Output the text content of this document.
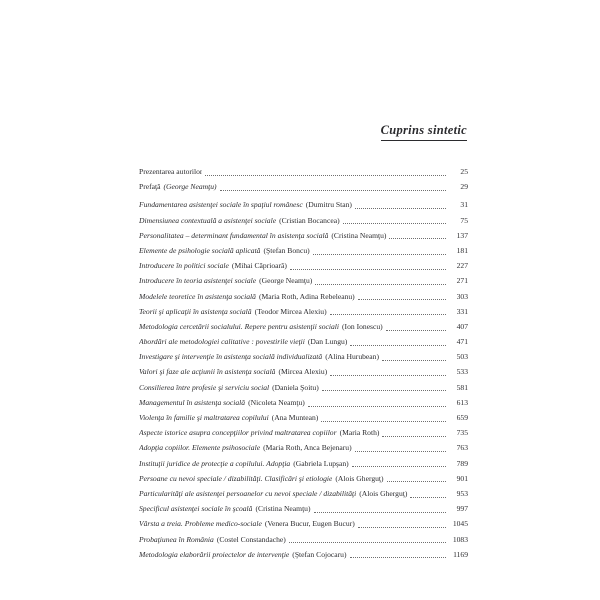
Cuprins sintetic
Prezentarea autorilor	25
Prefaţă (George Neamţu)	29
Fundamentarea asistenţei sociale în spaţiul românesc (Dumitru Stan)	31
Dimensiunea contextuală a asistenţei sociale (Cristian Bocancea)	75
Personalitatea – determinant fundamental în asistenţa socială (Cristina Neamţu)	137
Elemente de psihologie socială aplicată (Ştefan Boncu)	181
Introducere în politici sociale (Mihai Căprioară)	227
Introducere în teoria asistenţei sociale (George Neamţu)	271
Modelele teoretice în asistenţa socială (Maria Roth, Adina Rebeleanu)	303
Teorii şi aplicaţii în asistenţa socială (Teodor Mircea Alexiu)	331
Metodologia cercetării socialului. Repere pentru asistenţii sociali (Ion Ionescu)	407
Abordări ale metodologiei calitative : povestirile vieţii (Dan Lungu)	471
Investigare şi intervenţie în asistenţa socială individualizată (Alina Hurubean)	503
Valori şi faze ale acţiunii în asistenţa socială (Mircea Alexiu)	533
Consilierea între profesie şi serviciu social (Daniela Şoitu)	581
Managementul în asistenţa socială (Nicoleta Neamţu)	613
Violenţa în familie şi maltratarea copilului (Ana Muntean)	659
Aspecte istorice asupra concepţiilor privind maltratarea copiilor (Maria Roth)	735
Adopţia copiilor. Elemente psihosociale (Maria Roth, Anca Bejenaru)	763
Instituţii juridice de protecţie a copilului. Adopţia (Gabriela Lupşan)	789
Persoane cu nevoi speciale / dizabilităţi. Clasificări şi etiologie (Alois Gherguţ)	901
Particularităţi ale asistenţei persoanelor cu nevoi speciale / dizabilităţi (Alois Gherguţ)	953
Specificul asistenţei sociale în şcoală (Cristina Neamţu)	997
Vârsta a treia. Probleme medico-sociale (Venera Bucur, Eugen Bucur)	1045
Probaţiunea în România (Costel Constandache)	1083
Metodologia elaborării proiectelor de intervenţie (Ştefan Cojocaru)	1169
